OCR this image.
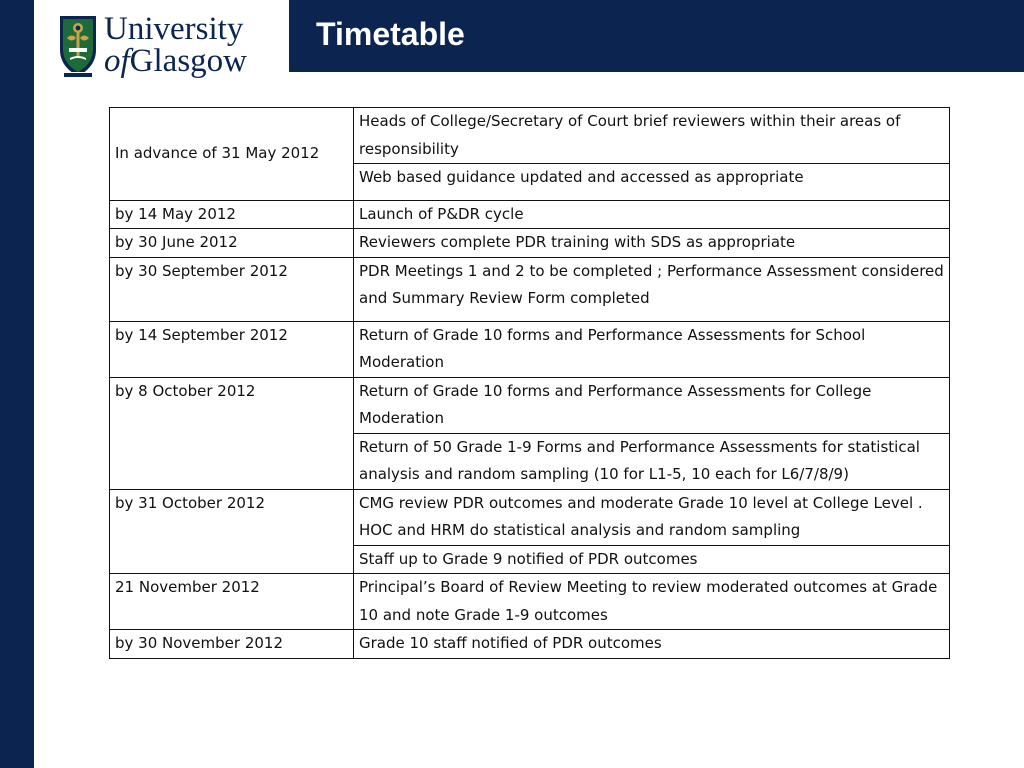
University
ofGlasgow
Timetable
In advance of 31 May 2012	Heads of College/Secretary of Court brief reviewers within their areas of responsibility
	Web based guidance updated and accessed as appropriate
by 14 May 2012	Launch of P&DR cycle
by 30 June 2012	Reviewers complete PDR training with SDS as appropriate
by 30 September 2012	PDR Meetings 1 and 2 to be completed ; Performance Assessment considered and Summary Review Form completed
by 14 September 2012	Return of Grade 10 forms and Performance Assessments for School Moderation
by 8 October 2012	Return of Grade 10 forms and Performance Assessments for College Moderation
	Return of 50 Grade 1-9 Forms and Performance Assessments for statistical analysis and random sampling (10 for L1-5, 10 each for L6/7/8/9)
by 31 October 2012	CMG review PDR outcomes and moderate Grade 10 level at College Level . HOC and HRM do statistical analysis and random sampling
	Staff up to Grade 9 notified of PDR outcomes
21 November 2012	Principal’s Board of Review Meeting to review moderated outcomes at Grade 10 and note Grade 1-9 outcomes
by 30 November 2012	Grade 10 staff notified of PDR outcomes
